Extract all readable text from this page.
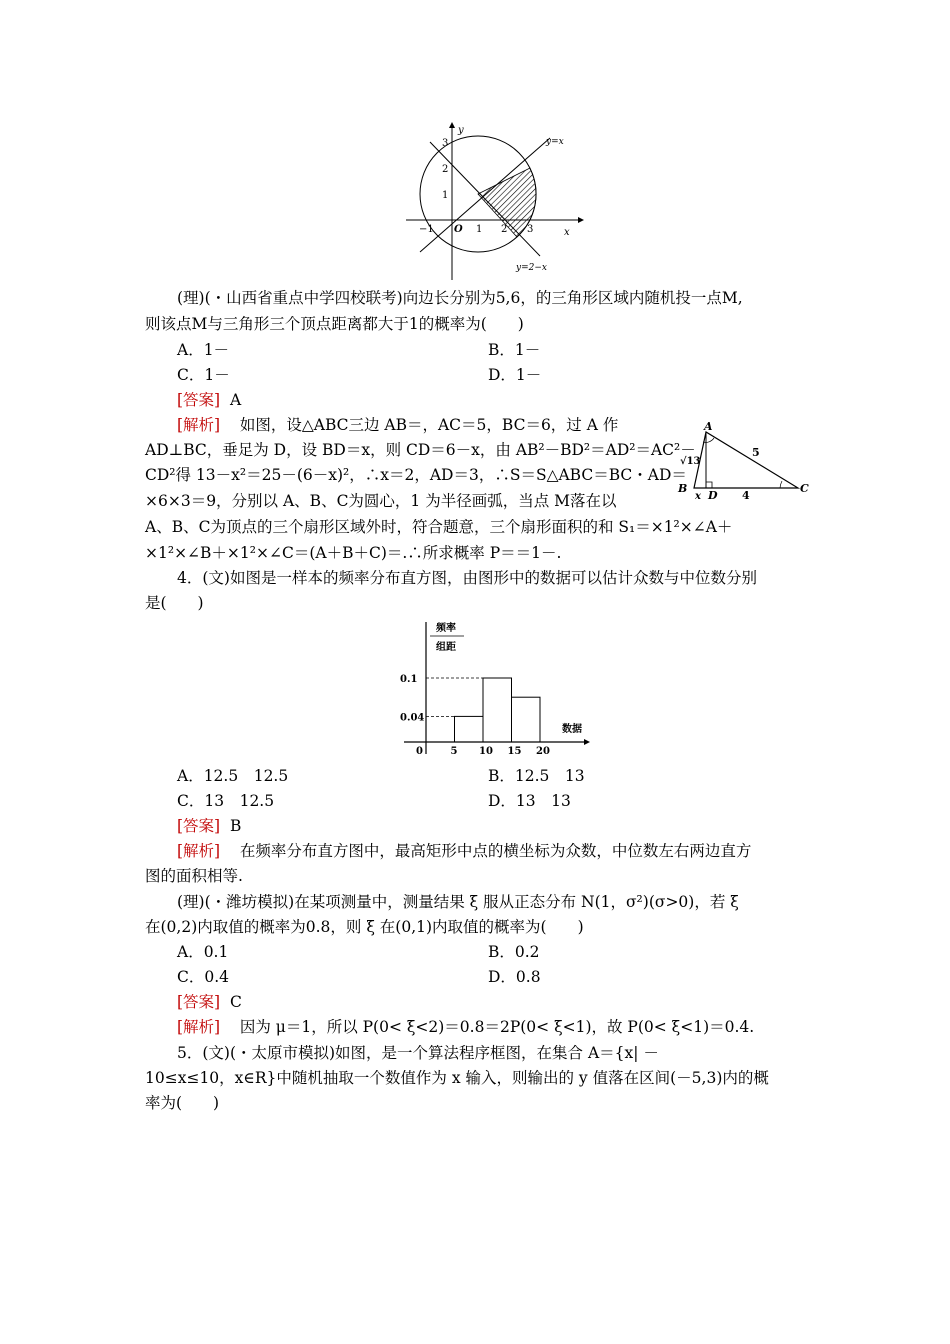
y
x
y=x
y=2−x
O
3
2
1
−1	1 2 3
(理)(・山西省重点中学四校联考)向边长分别为5,6，的三角形区域内随机投一点M,
则该点M与三角形三个顶点距离都大于1的概率为(　　)
A．1－	B．1－
C．1－	D．1－
[答案] A
[解析] 如图，设△ABC三边 AB＝，AC＝5，BC＝6，过 A 作
AD⊥BC，垂足为 D，设 BD＝x，则 CD＝6－x，由 AB²－BD²＝AD²＝AC²－
CD²得 13－x²＝25－(6－x)²，∴x＝2，AD＝3，∴S＝S△ABC＝BC・AD＝
×6×3＝9，分别以 A、B、C为圆心，1 为半径画弧，当点 M落在以
A、B、C为顶点的三个扇形区域外时，符合题意，三个扇形面积的和 S₁＝×1²×∠A＋
×1²×∠B＋×1²×∠C＝(A＋B＋C)＝.∴所求概率 P＝＝1－.
A
B	C
D
x
5
4
√13
4．(文)如图是一样本的频率分布直方图，由图形中的数据可以估计众数与中位数分别
是(　　)
频率
组距
数据
0.1
0.04
0	5 10 15 20
A．12.5　12.5	B．12.5　13
C．13　12.5	D．13　13
[答案] B
[解析] 在频率分布直方图中，最高矩形中点的横坐标为众数，中位数左右两边直方
图的面积相等.
(理)(・潍坊模拟)在某项测量中，测量结果 ξ 服从正态分布 N(1，σ²)(σ>0)，若 ξ
在(0,2)内取值的概率为0.8，则 ξ 在(0,1)内取值的概率为(　　)
A．0.1	B．0.2
C．0.4	D．0.8
[答案] C
[解析] 因为 μ＝1，所以 P(0< ξ<2)＝0.8＝2P(0< ξ<1)，故 P(0< ξ<1)＝0.4.
5．(文)(・太原市模拟)如图，是一个算法程序框图，在集合 A＝{x| －
10≤x≤10，x∈R}中随机抽取一个数值作为 x 输入，则输出的 y 值落在区间(－5,3)内的概
率为(　　)
